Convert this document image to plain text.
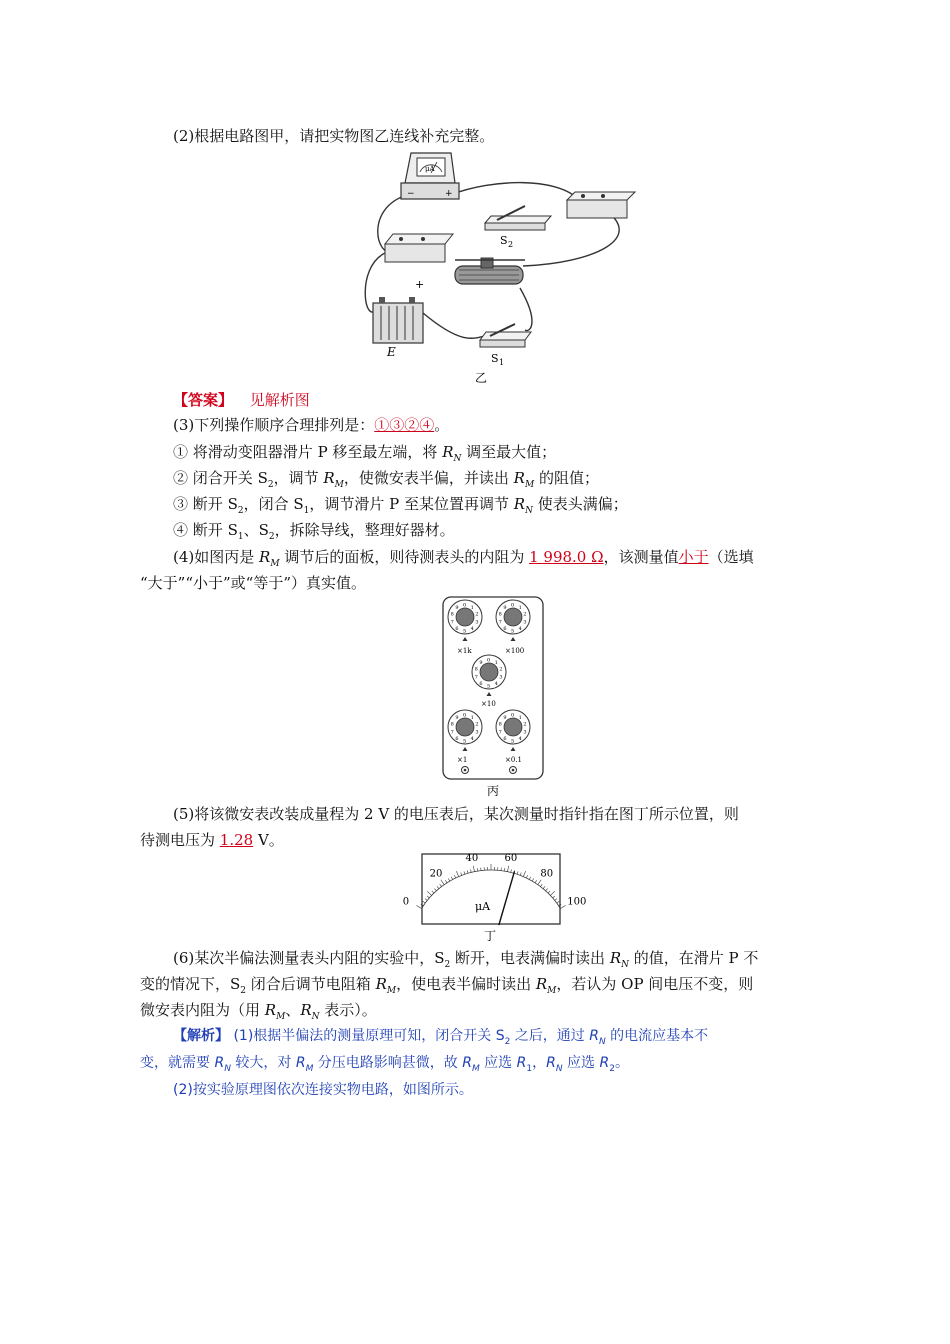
(2)根据电路图甲，请把实物图乙连线补充完整。
μA
−	+
S 2
+
E	S 1
乙
【答案】 见解析图
(3)下列操作顺序合理排列是：①③②④。
① 将滑动变阻器滑片 P 移至最左端，将 $R_N$ 调至最大值；
② 闭合开关 $S_2$，调节 $R_M$，使微安表半偏，并读出 $R_M$ 的阻值；
③ 断开 $S_2$，闭合 $S_1$，调节滑片 P 至某位置再调节 $R_N$ 使表头满偏；
④ 断开 $S_1$、$S_2$，拆除导线，整理好器材。
(4)如图丙是 $R_M$ 调节后的面板，则待测表头的内阻为 1 998.0 Ω，该测量值小于（选填
“大于”“小于”或“等于”）真实值。
0 1
2
3
4
5
6
7
8
9
×1k
0 1
2
3
4
5
6
7
8
9
×100
0 1
2
3
4
5
6
7
8
9
×10
0 1
2
3
4
5
6
7
8
9
×1
0 1
2
3
4
5
6
7
8
9
×0.1
丙
(5)将该微安表改装成量程为 2 V 的电压表后，某次测量时指针指在图丁所示位置，则
待测电压为 1.28 V。
0
20
40	60
80
100
μA
丁
(6)某次半偏法测量表头内阻的实验中，$S_2$ 断开，电表满偏时读出 $R_N$ 的值，在滑片 P 不
变的情况下，$S_2$ 闭合后调节电阻箱 $R_M$，使电表半偏时读出 $R_M$，若认为 OP 间电压不变，则
微安表内阻为（用 $R_M$、$R_N$ 表示）。
【解析】 (1)根据半偏法的测量原理可知，闭合开关 $S_2$ 之后，通过 $R_N$ 的电流应基本不
变，就需要 $R_N$ 较大，对 $R_M$ 分压电路影响甚微，故 $R_M$ 应选 $R_1$，$R_N$ 应选 $R_2$。
(2)按实验原理图依次连接实物电路，如图所示。
